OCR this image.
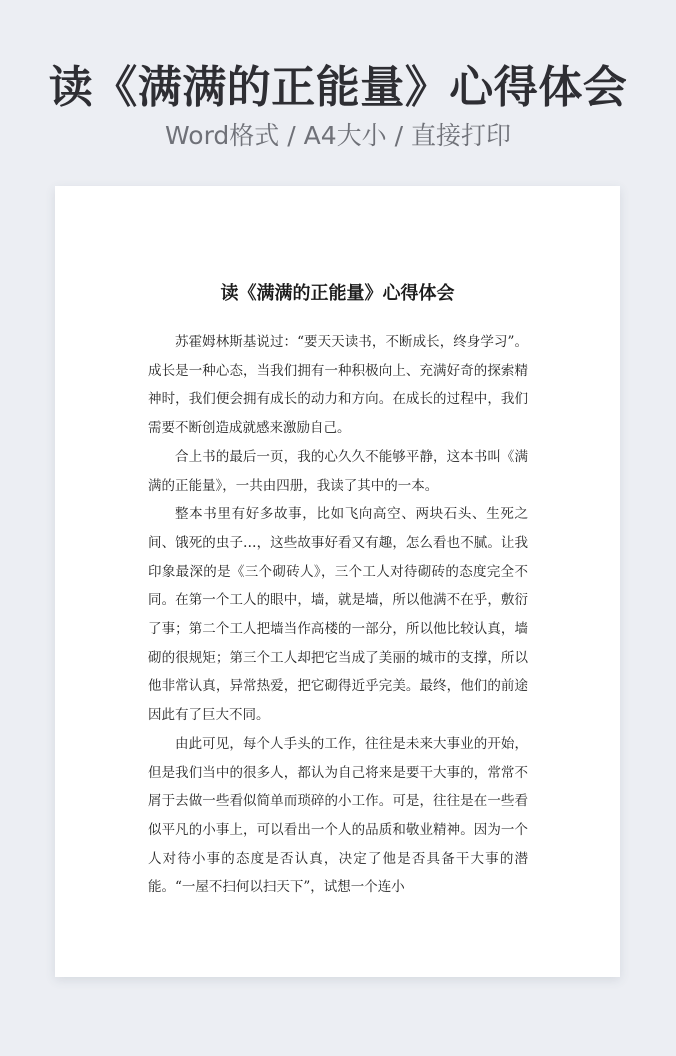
读《满满的正能量》心得体会
Word格式 / A4大小 / 直接打印
读《满满的正能量》心得体会

苏霍姆林斯基说过：“要天天读书，不断成长，终身学习”。成长是一种心态，当我们拥有一种积极向上、充满好奇的探索精神时，我们便会拥有成长的动力和方向。在成长的过程中，我们需要不断创造成就感来激励自己。

合上书的最后一页，我的心久久不能够平静，这本书叫《满满的正能量》，一共由四册，我读了其中的一本。

整本书里有好多故事，比如飞向高空、两块石头、生死之间、饿死的虫子…，这些故事好看又有趣，怎么看也不腻。让我印象最深的是《三个砌砖人》，三个工人对待砌砖的态度完全不同。在第一个工人的眼中，墙，就是墙，所以他满不在乎，敷衍了事；第二个工人把墙当作高楼的一部分，所以他比较认真，墙砌的很规矩；第三个工人却把它当成了美丽的城市的支撑，所以他非常认真，异常热爱，把它砌得近乎完美。最终，他们的前途因此有了巨大不同。

由此可见，每个人手头的工作，往往是未来大事业的开始，但是我们当中的很多人，都认为自己将来是要干大事的，常常不屑于去做一些看似简单而琐碎的小工作。可是，往往是在一些看似平凡的小事上，可以看出一个人的品质和敬业精神。因为一个人对待小事的态度是否认真，决定了他是否具备干大事的潜能。“一屋不扫何以扫天下”，试想一个连小
